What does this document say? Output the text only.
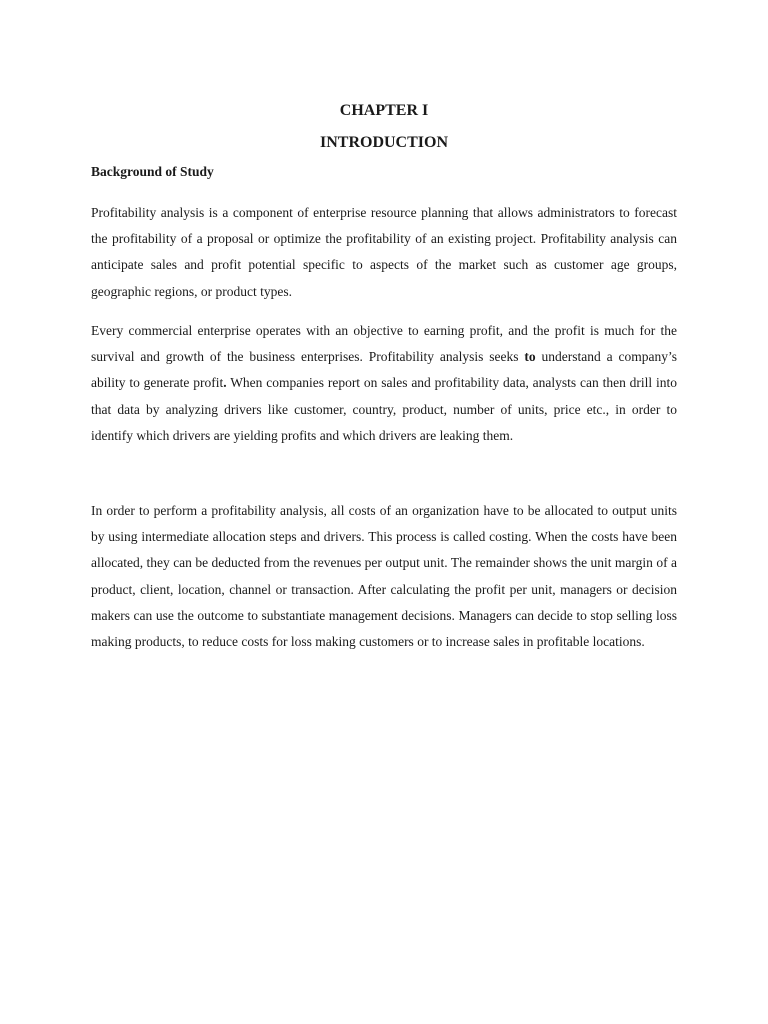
CHAPTER I
INTRODUCTION
Background of Study

Profitability analysis is a component of enterprise resource planning that allows administrators to forecast the profitability of a proposal or optimize the profitability of an existing project. Profitability analysis can anticipate sales and profit potential specific to aspects of the market such as customer age groups, geographic regions, or product types.

Every commercial enterprise operates with an objective to earning profit, and the profit is much for the survival and growth of the business enterprises. Profitability analysis seeks to understand a company’s ability to generate profit. When companies report on sales and profitability data, analysts can then drill into that data by analyzing drivers like customer, country, product, number of units, price etc., in order to identify which drivers are yielding profits and which drivers are leaking them.

In order to perform a profitability analysis, all costs of an organization have to be allocated to output units by using intermediate allocation steps and drivers. This process is called costing. When the costs have been allocated, they can be deducted from the revenues per output unit. The remainder shows the unit margin of a product, client, location, channel or transaction. After calculating the profit per unit, managers or decision makers can use the outcome to substantiate management decisions. Managers can decide to stop selling loss making products, to reduce costs for loss making customers or to increase sales in profitable locations.
